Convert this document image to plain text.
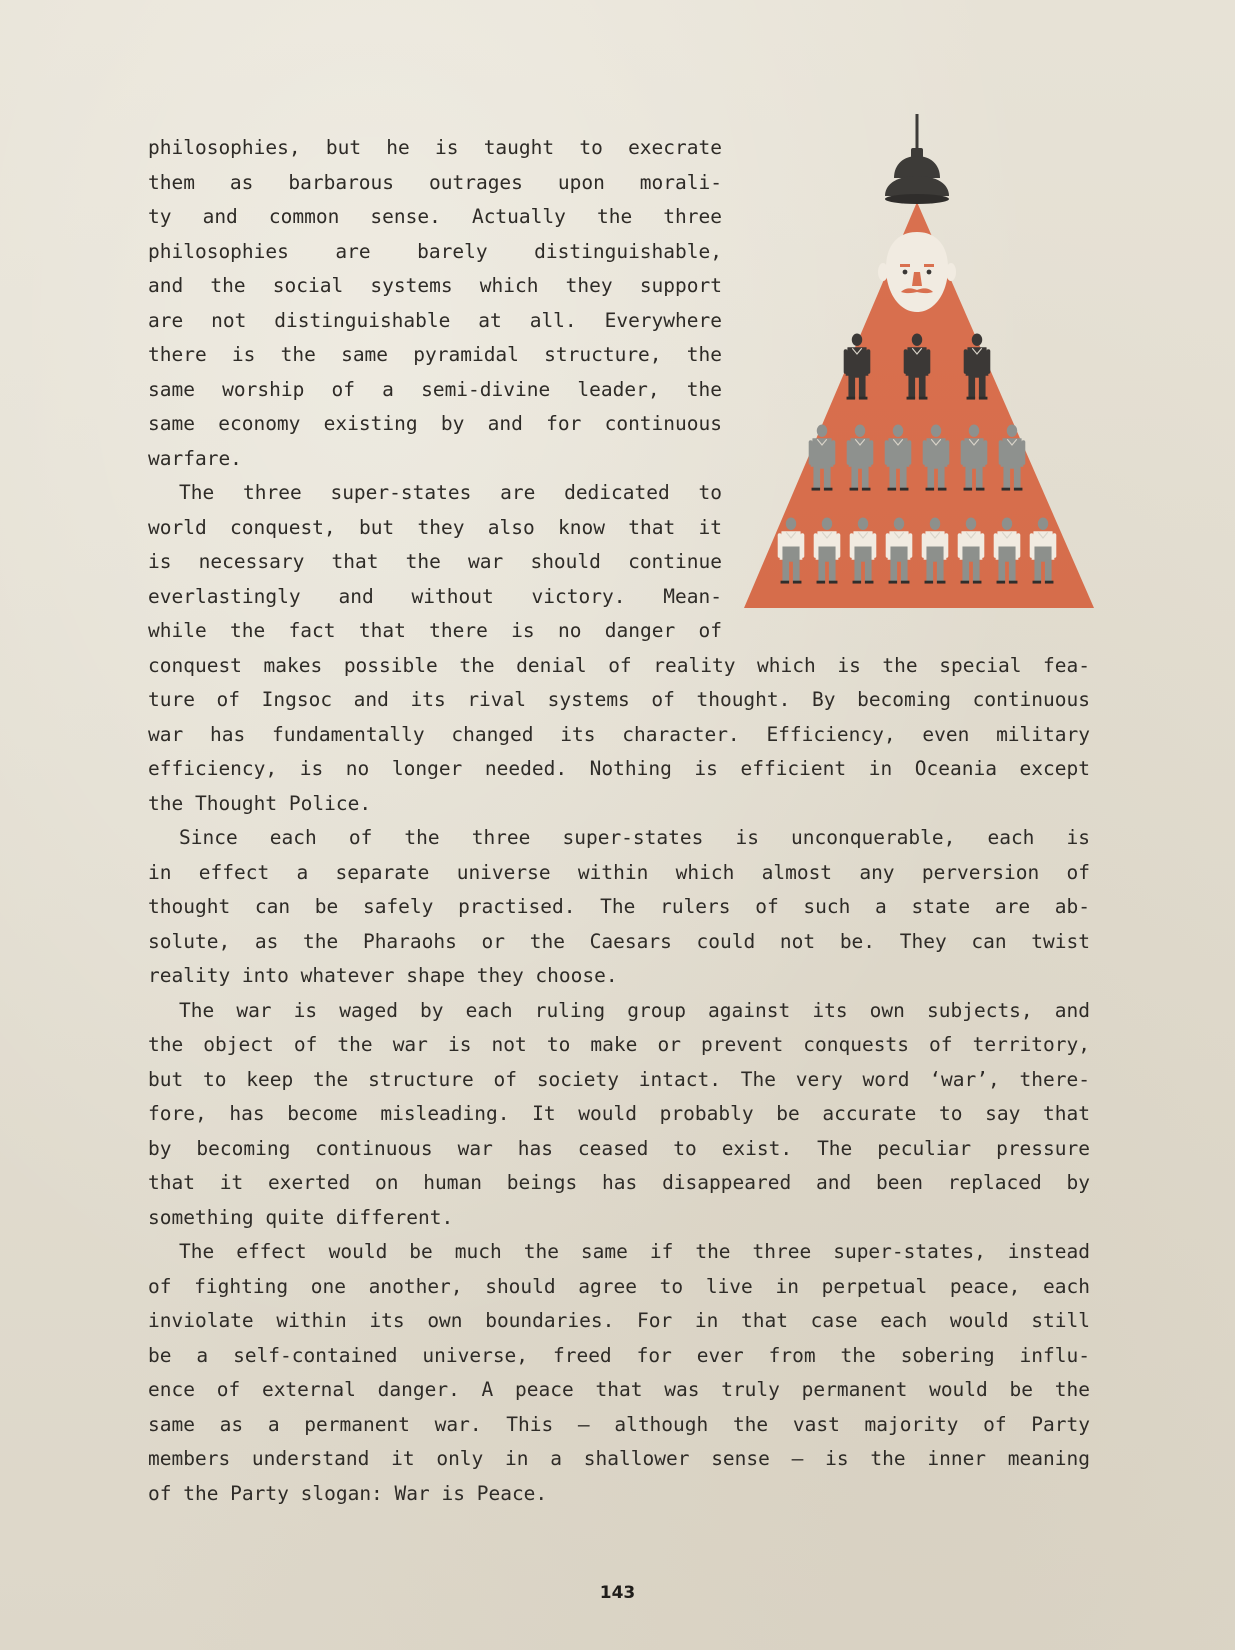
philosophies, but he is taught to execrate
them as barbarous outrages upon morali-
ty and common sense. Actually the three
philosophies are barely distinguishable,
and the social systems which they support
are not distinguishable at all. Everywhere
there is the same pyramidal structure, the
same worship of a semi-divine leader, the
same economy existing by and for continuous
warfare.

The three super-states are dedicated to
world conquest, but they also know that it
is necessary that the war should continue
everlastingly and without victory. Mean-
while the fact that there is no danger of
conquest makes possible the denial of reality which is the special fea-
ture of Ingsoc and its rival systems of thought. By becoming continuous
war has fundamentally changed its character. Efficiency, even military
efficiency, is no longer needed. Nothing is efficient in Oceania except
the Thought Police.

Since each of the three super-states is unconquerable, each is
in effect a separate universe within which almost any perversion of
thought can be safely practised. The rulers of such a state are ab-
solute, as the Pharaohs or the Caesars could not be. They can twist
reality into whatever shape they choose.

The war is waged by each ruling group against its own subjects, and
the object of the war is not to make or prevent conquests of territory,
but to keep the structure of society intact. The very word ‘war’, there-
fore, has become misleading. It would probably be accurate to say that
by becoming continuous war has ceased to exist. The peculiar pressure
that it exerted on human beings has disappeared and been replaced by
something quite different.

The effect would be much the same if the three super-states, instead
of fighting one another, should agree to live in perpetual peace, each
inviolate within its own boundaries. For in that case each would still
be a self-contained universe, freed for ever from the sobering influ-
ence of external danger. A peace that was truly permanent would be the
same as a permanent war. This – although the vast majority of Party
members understand it only in a shallower sense – is the inner meaning
of the Party slogan: War is Peace.

143
